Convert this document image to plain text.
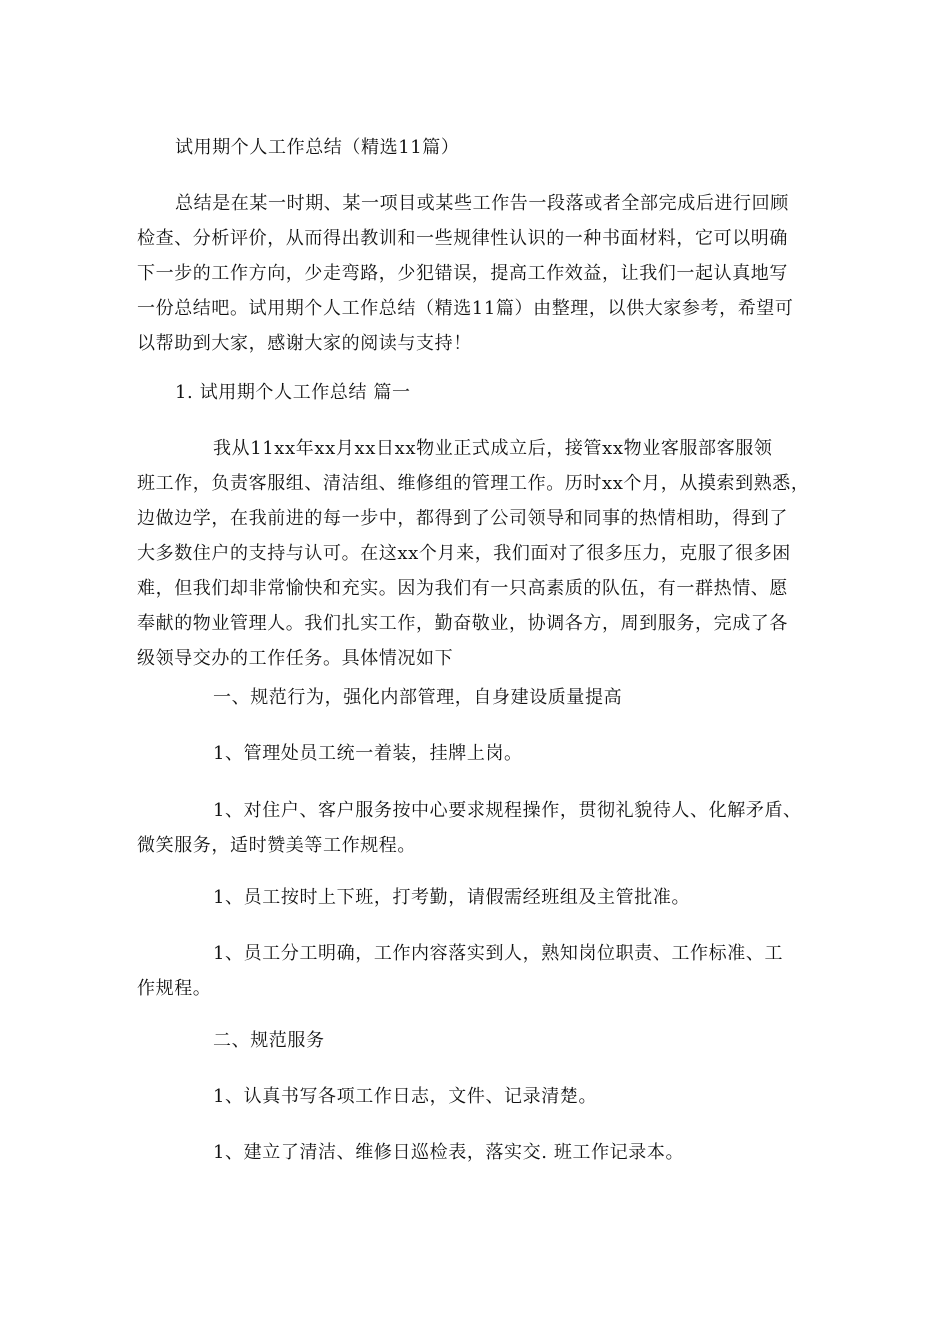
试用期个人工作总结（精选11篇）
总结是在某一时期、某一项目或某些工作告一段落或者全部完成后进行回顾
检查、分析评价，从而得出教训和一些规律性认识的一种书面材料，它可以明确
下一步的工作方向，少走弯路，少犯错误，提高工作效益，让我们一起认真地写
一份总结吧。试用期个人工作总结（精选11篇）由整理，以供大家参考，希望可
以帮助到大家，感谢大家的阅读与支持！
1. 试用期个人工作总结 篇一
我从11xx年xx月xx日xx物业正式成立后，接管xx物业客服部客服领
班工作，负责客服组、清洁组、维修组的管理工作。历时xx个月，从摸索到熟悉，
边做边学，在我前进的每一步中，都得到了公司领导和同事的热情相助，得到了
大多数住户的支持与认可。在这xx个月来，我们面对了很多压力，克服了很多困
难，但我们却非常愉快和充实。因为我们有一只高素质的队伍，有一群热情、愿
奉献的物业管理人。我们扎实工作，勤奋敬业，协调各方，周到服务，完成了各
级领导交办的工作任务。具体情况如下
一、规范行为，强化内部管理，自身建设质量提高
1、管理处员工统一着装，挂牌上岗。
1、对住户、客户服务按中心要求规程操作，贯彻礼貌待人、化解矛盾、
微笑服务，适时赞美等工作规程。
1、员工按时上下班，打考勤，请假需经班组及主管批准。
1、员工分工明确，工作内容落实到人，熟知岗位职责、工作标准、工
作规程。
二、规范服务
1、认真书写各项工作日志，文件、记录清楚。
1、建立了清洁、维修日巡检表，落实交. 班工作记录本。
